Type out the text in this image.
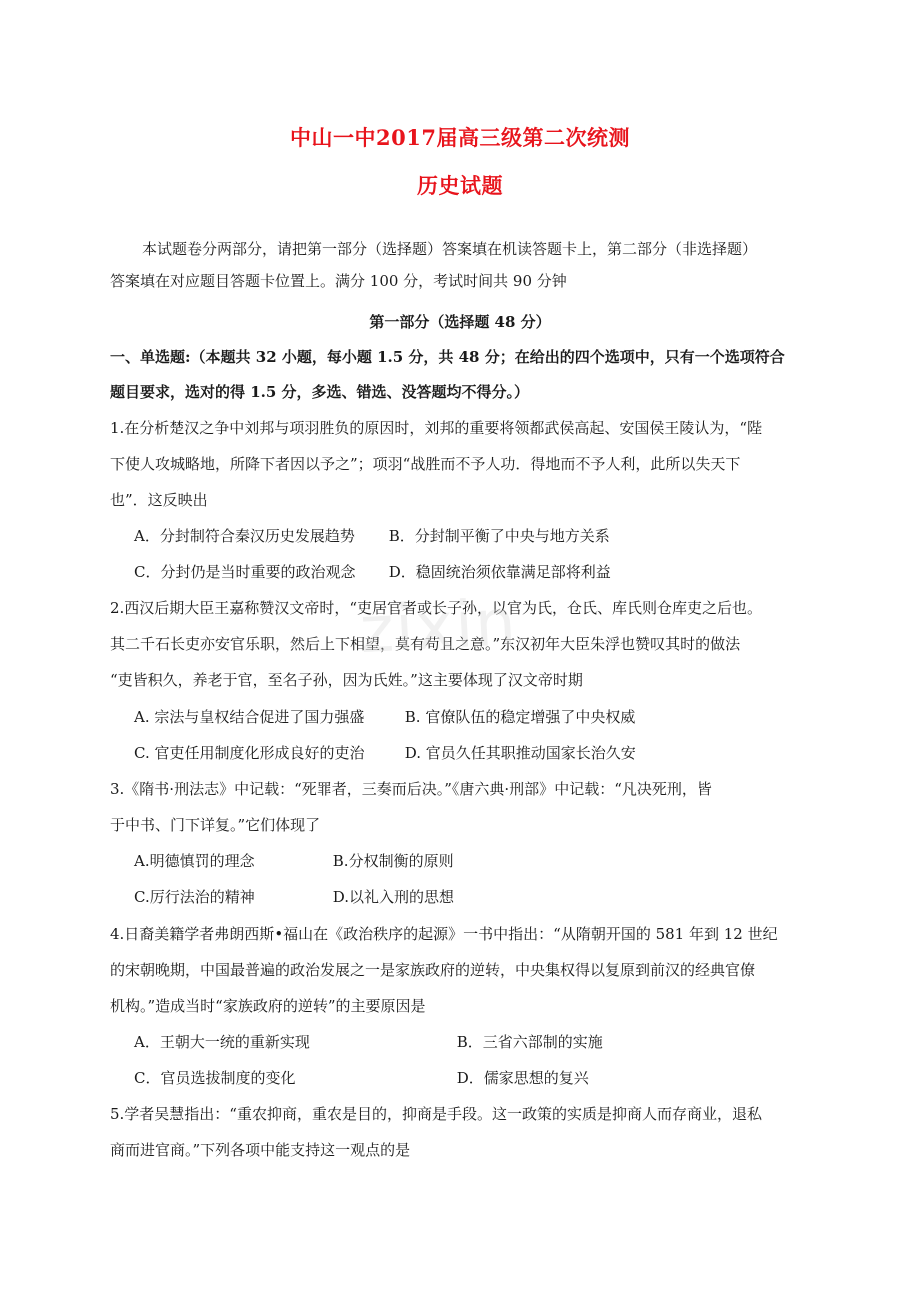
中山一中2017届高三级第二次统测
历史试题
本试题卷分两部分，请把第一部分（选择题）答案填在机读答题卡上，第二部分（非选择题）
答案填在对应题目答题卡位置上。满分 100 分，考试时间共 90 分钟
第一部分（选择题 48 分）
一、单选题:（本题共 32 小题，每小题 1.5 分，共 48 分；在给出的四个选项中，只有一个选项符合
题目要求，选对的得 1.5 分，多选、错选、没答题均不得分。）
1.在分析楚汉之争中刘邦与项羽胜负的原因时，刘邦的重要将领都武侯高起、安国侯王陵认为，“陛
下使人攻城略地，所降下者因以予之”；项羽“战胜而不予人功．得地而不予人利，此所以失天下
也”．这反映出
A．分封制符合秦汉历史发展趋势 B．分封制平衡了中央与地方关系
C．分封仍是当时重要的政治观念 D．稳固统治须依靠满足部将利益
2.西汉后期大臣王嘉称赞汉文帝时，“吏居官者或长子孙，以官为氏，仓氏、库氏则仓库吏之后也。
其二千石长吏亦安官乐职，然后上下相望，莫有苟且之意。”东汉初年大臣朱浮也赞叹其时的做法
“吏皆积久，养老于官，至名子孙，因为氏姓。”这主要体现了汉文帝时期
A. 宗法与皇权结合促进了国力强盛	B. 官僚队伍的稳定增强了中央权威
C. 官吏任用制度化形成良好的吏治	D. 官员久任其职推动国家长治久安
3.《隋书·刑法志》中记载：“死罪者，三奏而后决。”《唐六典·刑部》中记载：“凡决死刑，皆
于中书、门下详复。”它们体现了
A.明德慎罚的理念	B.分权制衡的原则
C.厉行法治的精神	D.以礼入刑的思想
4.日裔美籍学者弗朗西斯•福山在《政治秩序的起源》一书中指出：“从隋朝开国的 581 年到 12 世纪
的宋朝晚期，中国最普遍的政治发展之一是家族政府的逆转，中央集权得以复原到前汉的经典官僚
机构。”造成当时“家族政府的逆转”的主要原因是
A．王朝大一统的重新实现	B．三省六部制的实施
C．官员选拔制度的变化	D．儒家思想的复兴
5.学者吴慧指出：“重农抑商，重农是目的，抑商是手段。这一政策的实质是抑商人而存商业，退私
商而进官商。”下列各项中能支持这一观点的是
zixin
